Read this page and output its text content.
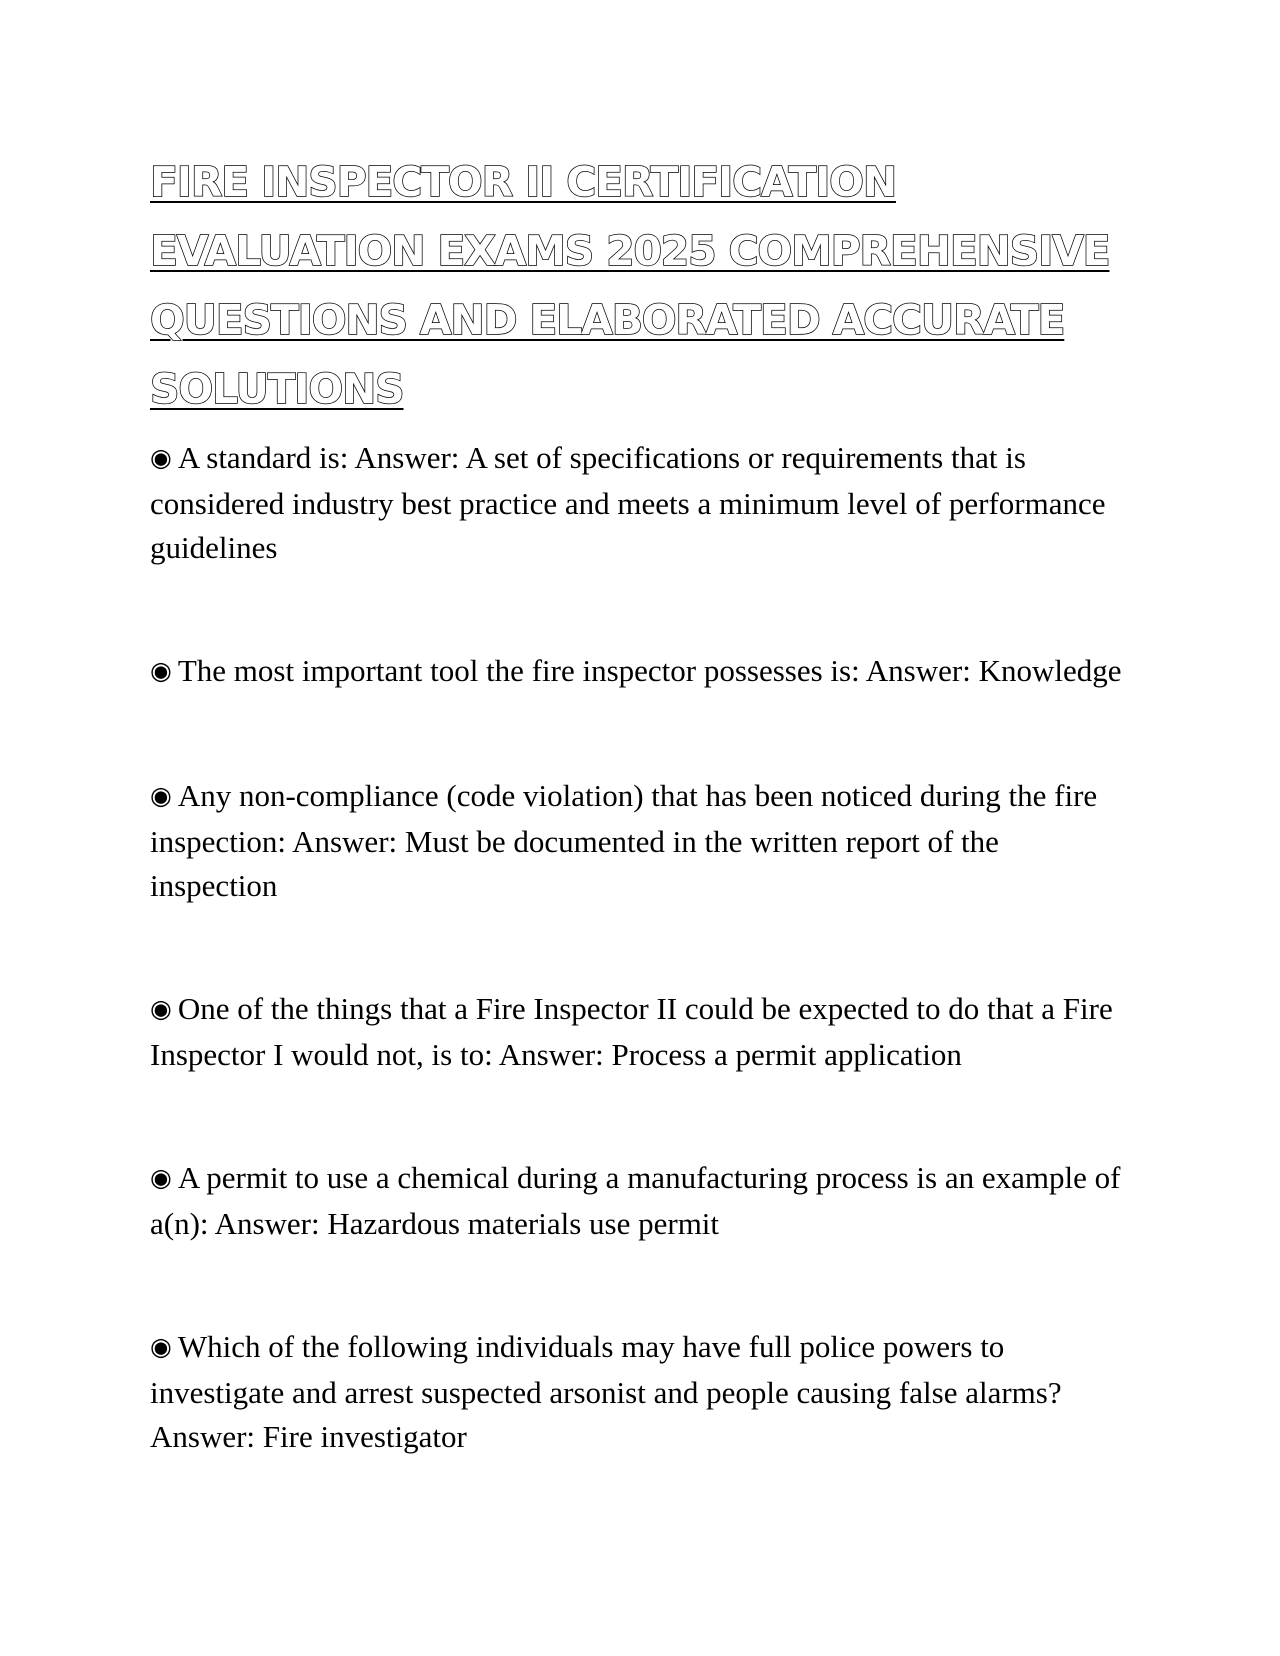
FIRE INSPECTOR II CERTIFICATION EVALUATION EXAMS 2025 COMPREHENSIVE QUESTIONS AND ELABORATED ACCURATE SOLUTIONS

◉ A standard is: Answer: A set of specifications or requirements that is considered industry best practice and meets a minimum level of performance guidelines

◉ The most important tool the fire inspector possesses is: Answer: Knowledge

◉ Any non-compliance (code violation) that has been noticed during the fire inspection: Answer: Must be documented in the written report of the inspection

◉ One of the things that a Fire Inspector II could be expected to do that a Fire Inspector I would not, is to: Answer: Process a permit application

◉ A permit to use a chemical during a manufacturing process is an example of a(n): Answer: Hazardous materials use permit

◉ Which of the following individuals may have full police powers to investigate and arrest suspected arsonist and people causing false alarms? Answer: Fire investigator
